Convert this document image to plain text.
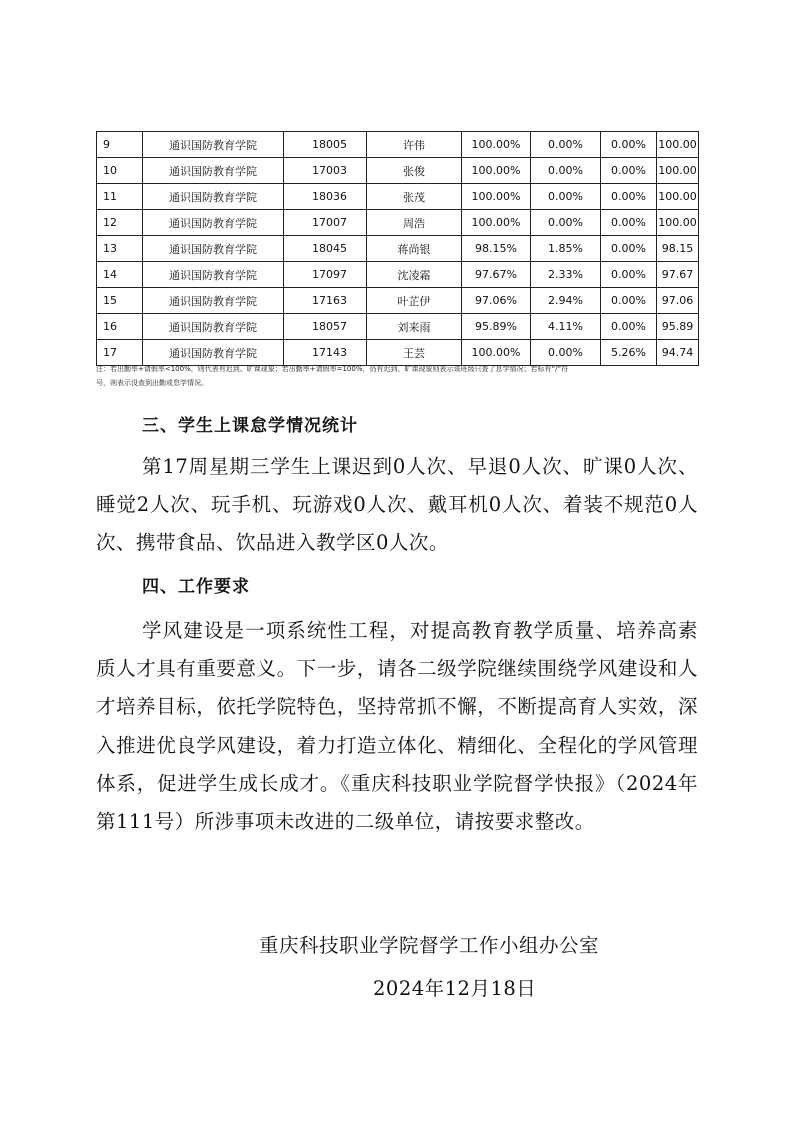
9	通识国防教育学院	18005	许伟	100.00%	0.00%	0.00%	100.00
10	通识国防教育学院	17003	张俊	100.00%	0.00%	0.00%	100.00
11	通识国防教育学院	18036	张茂	100.00%	0.00%	0.00%	100.00
12	通识国防教育学院	17007	周浩	100.00%	0.00%	0.00%	100.00
13	通识国防教育学院	18045	蒋尚银	98.15%	1.85%	0.00%	98.15
14	通识国防教育学院	17097	沈凌霜	97.67%	2.33%	0.00%	97.67
15	通识国防教育学院	17163	叶芷伊	97.06%	2.94%	0.00%	97.06
16	通识国防教育学院	18057	刘来雨	95.89%	4.11%	0.00%	95.89
17	通识国防教育学院	17143	王芸	100.00%	0.00%	5.26%	94.74

注：若出勤率+请假率<100%，则代表有迟到、旷课现象；若出勤率+请假率=100%，仍有迟到、旷课现象则表示该班级只查了息学情况；若标有“/”符

号，则表示没查到出勤或怠学情况。

三、学生上课怠学情况统计

第17周星期三学生上课迟到0人次、早退0人次、旷课0人次、睡觉2人次、玩手机、玩游戏0人次、戴耳机0人次、着装不规范0人次、携带食品、饮品进入教学区0人次。

四、工作要求

学风建设是一项系统性工程，对提高教育教学质量、培养高素质人才具有重要意义。下一步，请各二级学院继续围绕学风建设和人才培养目标，依托学院特色，坚持常抓不懈，不断提高育人实效，深入推进优良学风建设，着力打造立体化、精细化、全程化的学风管理体系，促进学生成长成才。《重庆科技职业学院督学快报》（2024年第111号）所涉事项未改进的二级单位，请按要求整改。

重庆科技职业学院督学工作小组办公室

2024年12月18日
